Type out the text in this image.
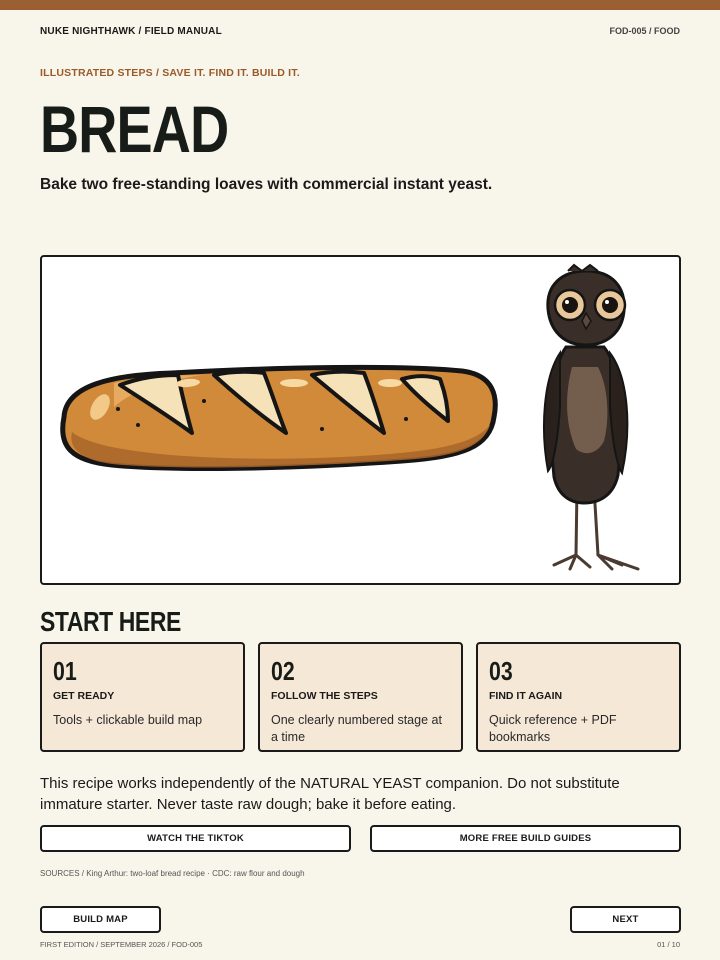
NUKE NIGHTHAWK / FIELD MANUAL	FOD-005 / FOOD
ILLUSTRATED STEPS / SAVE IT. FIND IT. BUILD IT.
BREAD
Bake two free-standing loaves with commercial instant yeast.
START HERE
01
GET READY
Tools + clickable build map
02
FOLLOW THE STEPS
One clearly numbered stage at a time
03
FIND IT AGAIN
Quick reference + PDF bookmarks
This recipe works independently of the NATURAL YEAST companion. Do not substitute immature starter. Never taste raw dough; bake it before eating.
WATCH THE TIKTOK	MORE FREE BUILD GUIDES
SOURCES / King Arthur: two-loaf bread recipe · CDC: raw flour and dough
BUILD MAP	NEXT
FIRST EDITION / SEPTEMBER 2026 / FOD-005	01 / 10
